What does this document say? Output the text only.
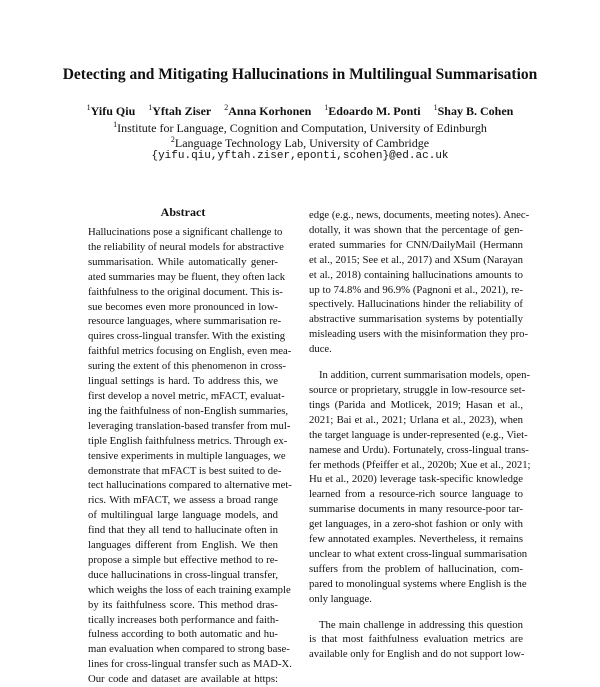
Detecting and Mitigating Hallucinations in Multilingual Summarisation
$^1$Yifu Qiu $^1$Yftah Ziser $^2$Anna Korhonen $^1$Edoardo M. Ponti $^1$Shay B. Cohen
$^1$Institute for Language, Cognition and Computation, University of Edinburgh
$^2$Language Technology Lab, University of Cambridge
{yifu.qiu,yftah.ziser,eponti,scohen}@ed.ac.uk
Abstract
Hallucinations pose a significant challenge to
the reliability of neural models for abstractive
summarisation. While automatically gener-
ated summaries may be fluent, they often lack
faithfulness to the original document. This is-
sue becomes even more pronounced in low-
resource languages, where summarisation re-
quires cross-lingual transfer. With the existing
faithful metrics focusing on English, even mea-
suring the extent of this phenomenon in cross-
lingual settings is hard. To address this, we
first develop a novel metric, mFACT, evaluat-
ing the faithfulness of non-English summaries,
leveraging translation-based transfer from mul-
tiple English faithfulness metrics. Through ex-
tensive experiments in multiple languages, we
demonstrate that mFACT is best suited to de-
tect hallucinations compared to alternative met-
rics. With mFACT, we assess a broad range
of multilingual large language models, and
find that they all tend to hallucinate often in
languages different from English. We then
propose a simple but effective method to re-
duce hallucinations in cross-lingual transfer,
which weighs the loss of each training example
by its faithfulness score. This method dras-
tically increases both performance and faith-
fulness according to both automatic and hu-
man evaluation when compared to strong base-
lines for cross-lingual transfer such as MAD-X.
Our code and dataset are available at https:
edge (e.g., news, documents, meeting notes). Anec-
dotally, it was shown that the percentage of gen-
erated summaries for CNN/DailyMail (Hermann
et al., 2015; See et al., 2017) and XSum (Narayan
et al., 2018) containing hallucinations amounts to
up to 74.8% and 96.9% (Pagnoni et al., 2021), re-
spectively. Hallucinations hinder the reliability of
abstractive summarisation systems by potentially
misleading users with the misinformation they pro-
duce.
In addition, current summarisation models, open-
source or proprietary, struggle in low-resource set-
tings (Parida and Motlicek, 2019; Hasan et al.,
2021; Bai et al., 2021; Urlana et al., 2023), when
the target language is under-represented (e.g., Viet-
namese and Urdu). Fortunately, cross-lingual trans-
fer methods (Pfeiffer et al., 2020b; Xue et al., 2021;
Hu et al., 2020) leverage task-specific knowledge
learned from a resource-rich source language to
summarise documents in many resource-poor tar-
get languages, in a zero-shot fashion or only with
few annotated examples. Nevertheless, it remains
unclear to what extent cross-lingual summarisation
suffers from the problem of hallucination, com-
pared to monolingual systems where English is the
only language.
The main challenge in addressing this question
is that most faithfulness evaluation metrics are
available only for English and do not support low-
